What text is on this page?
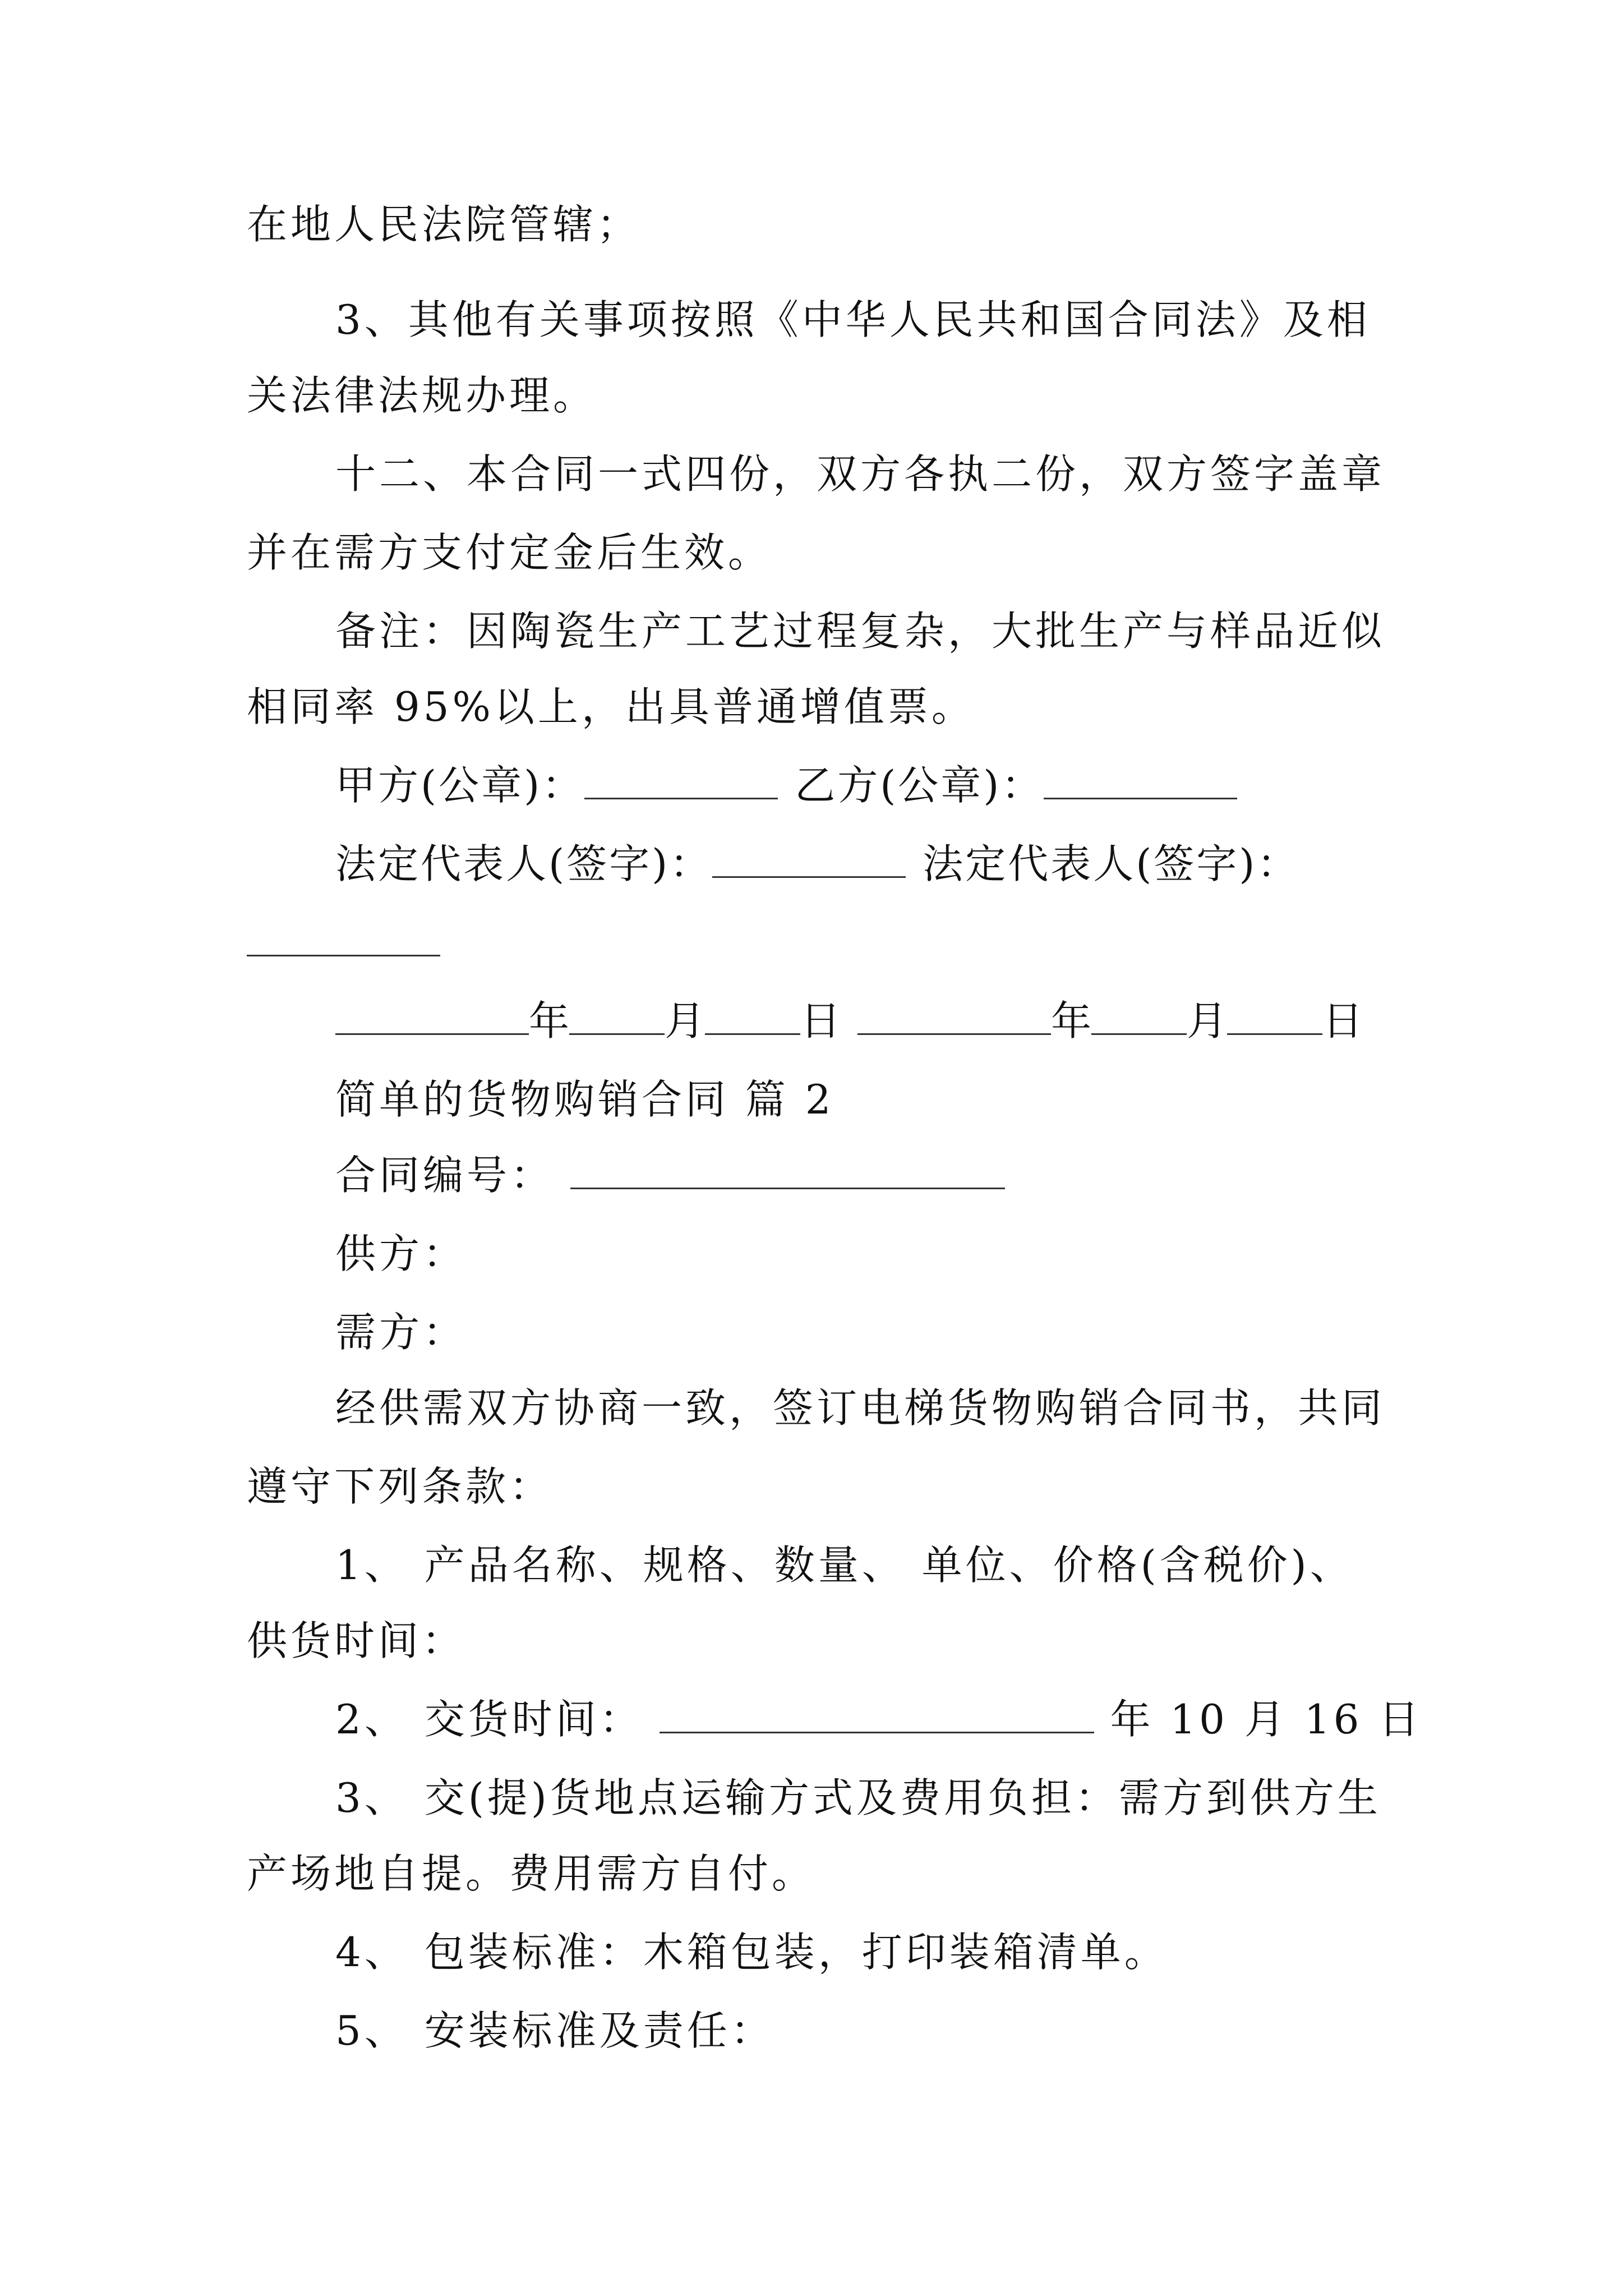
在地人民法院管辖；
3、其他有关事项按照《中华人民共和国合同法》及相
关法律法规办理。
十二、本合同一式四份，双方各执二份，双方签字盖章
并在需方支付定金后生效。
备注：因陶瓷生产工艺过程复杂，大批生产与样品近似
相同率 95%以上，出具普通增值票。
甲方(公章)：	乙方(公章)：
法定代表人(签字)：	法定代表人(签字)：
年 月 日	年 月 日
简单的货物购销合同 篇 2
合同编号：
供方：
需方：
经供需双方协商一致，签订电梯货物购销合同书，共同
遵守下列条款：
1、 产品名称、规格、数量、 单位、价格(含税价)、
供货时间：
2、 交货时间：	年 10 月 16 日
3、 交(提)货地点运输方式及费用负担：需方到供方生
产场地自提。费用需方自付。
4、 包装标准：木箱包装，打印装箱清单。
5、 安装标准及责任：
